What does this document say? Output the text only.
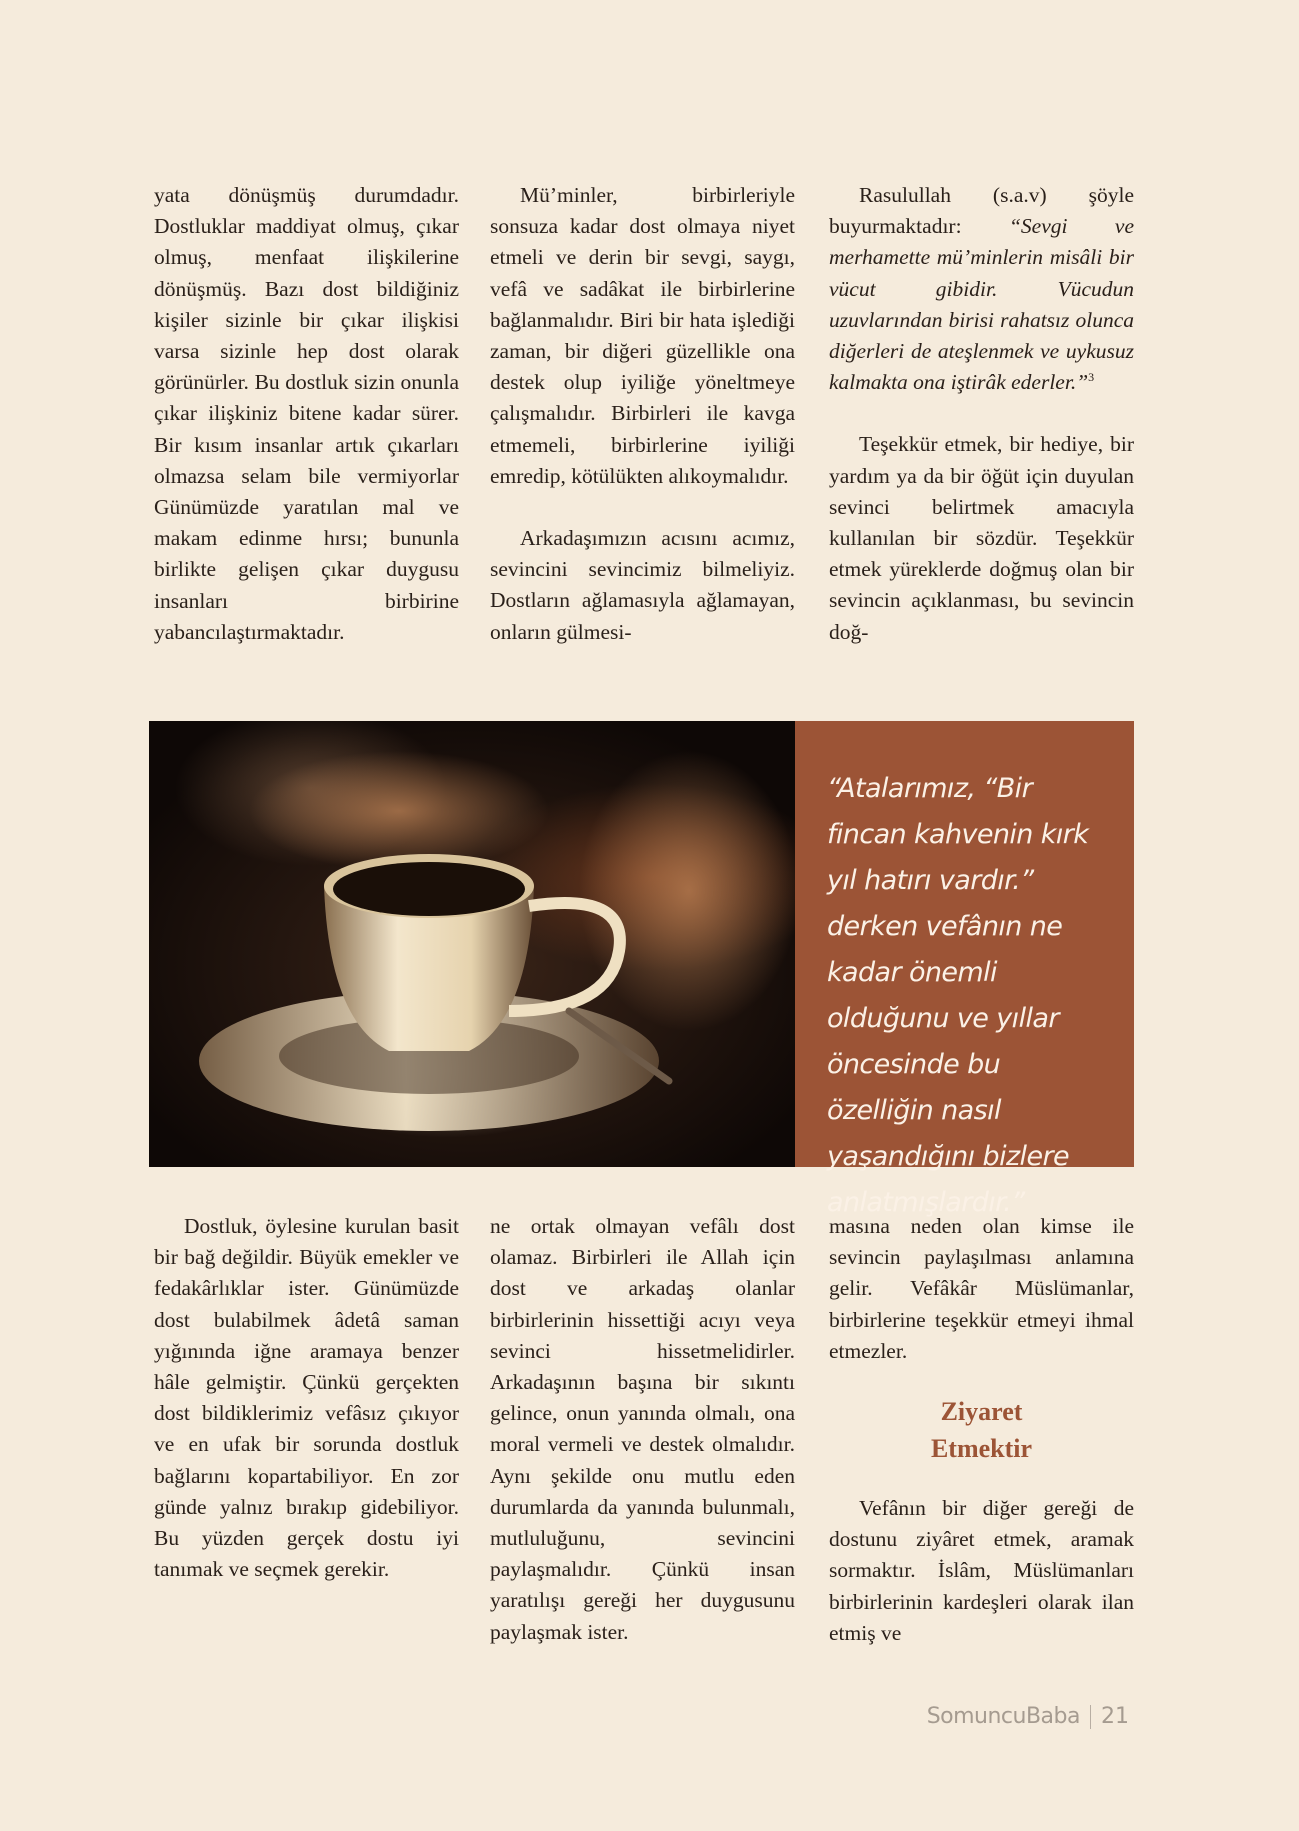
yata dönüşmüş durumdadır. Dostluklar maddiyat olmuş, çıkar olmuş, menfaat ilişkilerine dönüşmüş. Bazı dost bildiğiniz kişiler sizinle bir çıkar ilişkisi varsa sizinle hep dost olarak görünürler. Bu dostluk sizin onunla çıkar ilişkiniz bitene kadar sürer. Bir kısım insanlar artık çıkarları olmazsa selam bile vermiyorlar Günümüzde yaratılan mal ve makam edinme hırsı; bununla birlikte gelişen çıkar duygusu insanları birbirine yabancılaştırmaktadır.

Mü’minler, birbirleriyle sonsuza kadar dost olmaya niyet etmeli ve derin bir sevgi, saygı, vefâ ve sadâkat ile birbirlerine bağlanmalıdır. Biri bir hata işlediği zaman, bir diğeri güzellikle ona destek olup iyiliğe yöneltmeye çalışmalıdır. Birbirleri ile kavga etmemeli, birbirlerine iyiliği emredip, kötülükten alıkoymalıdır.

Arkadaşımızın acısını acımız, sevincini sevincimiz bilmeliyiz. Dostların ağlamasıyla ağlamayan, onların gülmesi-

Rasulullah (s.a.v) şöyle buyurmaktadır: “Sevgi ve merhamette mü’minlerin misâli bir vücut gibidir. Vücudun uzuvlarından birisi rahatsız olunca diğerleri de ateşlenmek ve uykusuz kalmakta ona iştirâk ederler.”$^3$

Teşekkür etmek, bir hediye, bir yardım ya da bir öğüt için duyulan sevinci belirtmek amacıyla kullanılan bir sözdür. Teşekkür etmek yüreklerde doğmuş olan bir sevincin açıklanması, bu sevincin doğ-

“Atalarımız, “Bir fincan kahvenin kırk yıl hatırı vardır.” derken vefânın ne kadar önemli olduğunu ve yıllar öncesinde bu özelliğin nasıl yaşandığını bizlere anlatmışlardır.”

Dostluk, öylesine kurulan basit bir bağ değildir. Büyük emekler ve fedakârlıklar ister. Günümüzde dost bulabilmek âdetâ saman yığınında iğne aramaya benzer hâle gelmiştir. Çünkü gerçekten dost bildiklerimiz vefâsız çıkıyor ve en ufak bir sorunda dostluk bağlarını kopartabiliyor. En zor günde yalnız bırakıp gidebiliyor. Bu yüzden gerçek dostu iyi tanımak ve seçmek gerekir.

ne ortak olmayan vefâlı dost olamaz. Birbirleri ile Allah için dost ve arkadaş olanlar birbirlerinin hissettiği acıyı veya sevinci hissetmelidirler. Arkadaşının başına bir sıkıntı gelince, onun yanında olmalı, ona moral vermeli ve destek olmalıdır. Aynı şekilde onu mutlu eden durumlarda da yanında bulunmalı, mutluluğunu, sevincini paylaşmalıdır. Çünkü insan yaratılışı gereği her duygusunu paylaşmak ister.

masına neden olan kimse ile sevincin paylaşılması anlamına gelir. Vefâkâr Müslümanlar, birbirlerine teşekkür etmeyi ihmal etmezler.

Ziyaret
Etmektir

Vefânın bir diğer gereği de dostunu ziyâret etmek, aramak sormaktır. İslâm, Müslümanları birbirlerinin kardeşleri olarak ilan etmiş ve

SomuncuBaba 21
